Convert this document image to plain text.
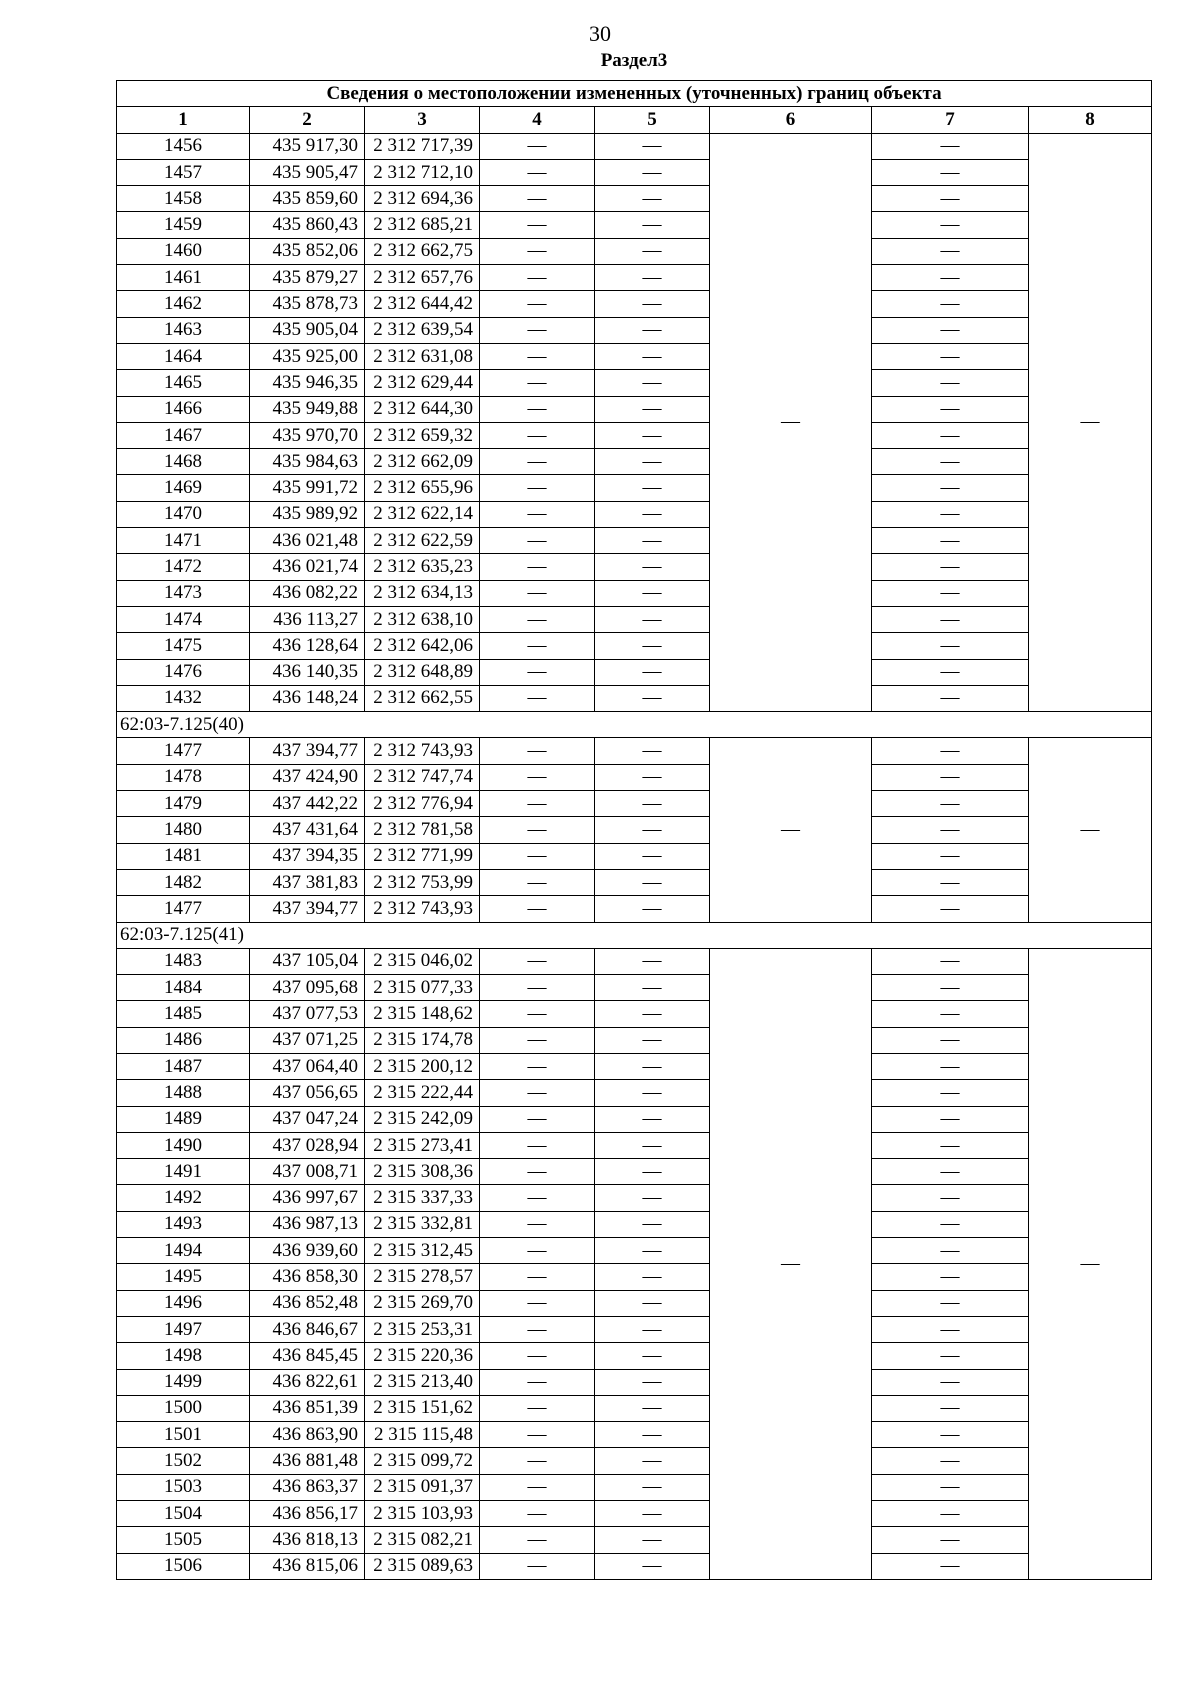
30
Раздел3
Сведения о местоположении измененных (уточненных) границ объекта							
1	2	3	4	5	6	7	8
1456	435 917,30	2 312 717,39	—	—	—	—	—
1457	435 905,47	2 312 712,10	—	—		—	
1458	435 859,60	2 312 694,36	—	—		—	
1459	435 860,43	2 312 685,21	—	—		—	
1460	435 852,06	2 312 662,75	—	—		—	
1461	435 879,27	2 312 657,76	—	—		—	
1462	435 878,73	2 312 644,42	—	—		—	
1463	435 905,04	2 312 639,54	—	—		—	
1464	435 925,00	2 312 631,08	—	—		—	
1465	435 946,35	2 312 629,44	—	—		—	
1466	435 949,88	2 312 644,30	—	—		—	
1467	435 970,70	2 312 659,32	—	—		—	
1468	435 984,63	2 312 662,09	—	—		—	
1469	435 991,72	2 312 655,96	—	—		—	
1470	435 989,92	2 312 622,14	—	—		—	
1471	436 021,48	2 312 622,59	—	—		—	
1472	436 021,74	2 312 635,23	—	—		—	
1473	436 082,22	2 312 634,13	—	—		—	
1474	436 113,27	2 312 638,10	—	—		—	
1475	436 128,64	2 312 642,06	—	—		—	
1476	436 140,35	2 312 648,89	—	—		—	
1432	436 148,24	2 312 662,55	—	—		—	
62:03-7.125(40)							
1477	437 394,77	2 312 743,93	—	—	—	—	—
1478	437 424,90	2 312 747,74	—	—		—	
1479	437 442,22	2 312 776,94	—	—		—	
1480	437 431,64	2 312 781,58	—	—		—	
1481	437 394,35	2 312 771,99	—	—		—	
1482	437 381,83	2 312 753,99	—	—		—	
1477	437 394,77	2 312 743,93	—	—		—	
62:03-7.125(41)							
1483	437 105,04	2 315 046,02	—	—	—	—	—
1484	437 095,68	2 315 077,33	—	—		—	
1485	437 077,53	2 315 148,62	—	—		—	
1486	437 071,25	2 315 174,78	—	—		—	
1487	437 064,40	2 315 200,12	—	—		—	
1488	437 056,65	2 315 222,44	—	—		—	
1489	437 047,24	2 315 242,09	—	—		—	
1490	437 028,94	2 315 273,41	—	—		—	
1491	437 008,71	2 315 308,36	—	—		—	
1492	436 997,67	2 315 337,33	—	—		—	
1493	436 987,13	2 315 332,81	—	—		—	
1494	436 939,60	2 315 312,45	—	—		—	
1495	436 858,30	2 315 278,57	—	—		—	
1496	436 852,48	2 315 269,70	—	—		—	
1497	436 846,67	2 315 253,31	—	—		—	
1498	436 845,45	2 315 220,36	—	—		—	
1499	436 822,61	2 315 213,40	—	—		—	
1500	436 851,39	2 315 151,62	—	—		—	
1501	436 863,90	2 315 115,48	—	—		—	
1502	436 881,48	2 315 099,72	—	—		—	
1503	436 863,37	2 315 091,37	—	—		—	
1504	436 856,17	2 315 103,93	—	—		—	
1505	436 818,13	2 315 082,21	—	—		—	
1506	436 815,06	2 315 089,63	—	—		—	
